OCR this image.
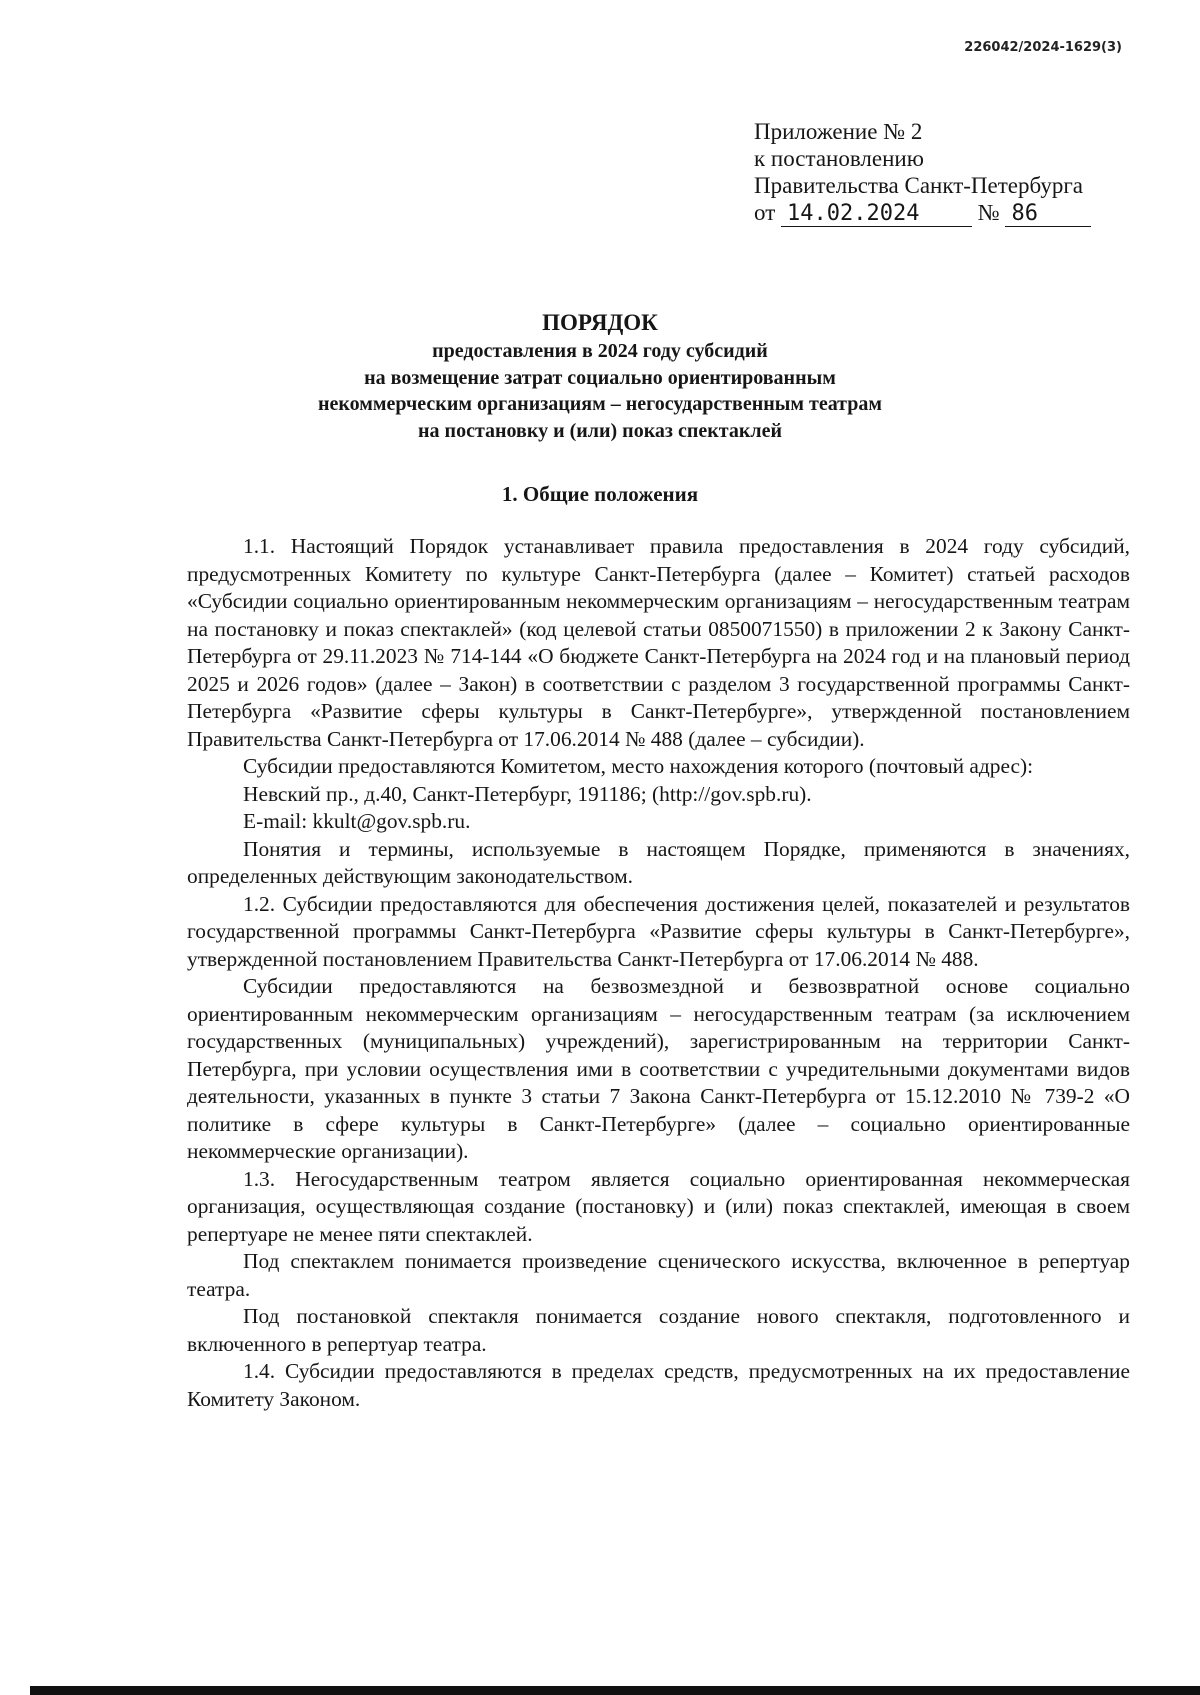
226042/2024-1629(3)
Приложение № 2
к постановлению
Правительства Санкт-Петербурга
от 14.02.2024	№ 86
ПОРЯДОК
предоставления в 2024 году субсидий
на возмещение затрат социально ориентированным
некоммерческим организациям – негосударственным театрам
на постановку и (или) показ спектаклей
1. Общие положения

1.1. Настоящий Порядок устанавливает правила предоставления в 2024 году субсидий, предусмотренных Комитету по культуре Санкт-Петербурга (далее – Комитет) статьей расходов «Субсидии социально ориентированным некоммерческим организациям – негосударственным театрам на постановку и показ спектаклей» (код целевой статьи 0850071550) в приложении 2 к Закону Санкт-Петербурга от 29.11.2023 № 714-144 «О бюджете Санкт-Петербурга на 2024 год и на плановый период 2025 и 2026 годов» (далее – Закон) в соответствии с разделом 3 государственной программы Санкт-Петербурга «Развитие сферы культуры в Санкт-Петербурге», утвержденной постановлением Правительства Санкт-Петербурга от 17.06.2014 № 488 (далее – субсидии).

Субсидии предоставляются Комитетом, место нахождения которого (почтовый адрес):

Невский пр., д.40, Санкт-Петербург, 191186; (http://gov.spb.ru).

E-mail: kkult@gov.spb.ru.

Понятия и термины, используемые в настоящем Порядке, применяются в значениях, определенных действующим законодательством.

1.2. Субсидии предоставляются для обеспечения достижения целей, показателей и результатов государственной программы Санкт-Петербурга «Развитие сферы культуры в Санкт-Петербурге», утвержденной постановлением Правительства Санкт-Петербурга от 17.06.2014 № 488.

Субсидии предоставляются на безвозмездной и безвозвратной основе социально ориентированным некоммерческим организациям – негосударственным театрам (за исключением государственных (муниципальных) учреждений), зарегистрированным на территории Санкт-Петербурга, при условии осуществления ими в соответствии с учредительными документами видов деятельности, указанных в пункте 3 статьи 7 Закона Санкт-Петербурга от 15.12.2010 № 739-2 «О политике в сфере культуры в Санкт-Петербурге» (далее – социально ориентированные некоммерческие организации).

1.3. Негосударственным театром является социально ориентированная некоммерческая организация, осуществляющая создание (постановку) и (или) показ спектаклей, имеющая в своем репертуаре не менее пяти спектаклей.

Под спектаклем понимается произведение сценического искусства, включенное в репертуар театра.

Под постановкой спектакля понимается создание нового спектакля, подготовленного и включенного в репертуар театра.

1.4. Субсидии предоставляются в пределах средств, предусмотренных на их предоставление Комитету Законом.
